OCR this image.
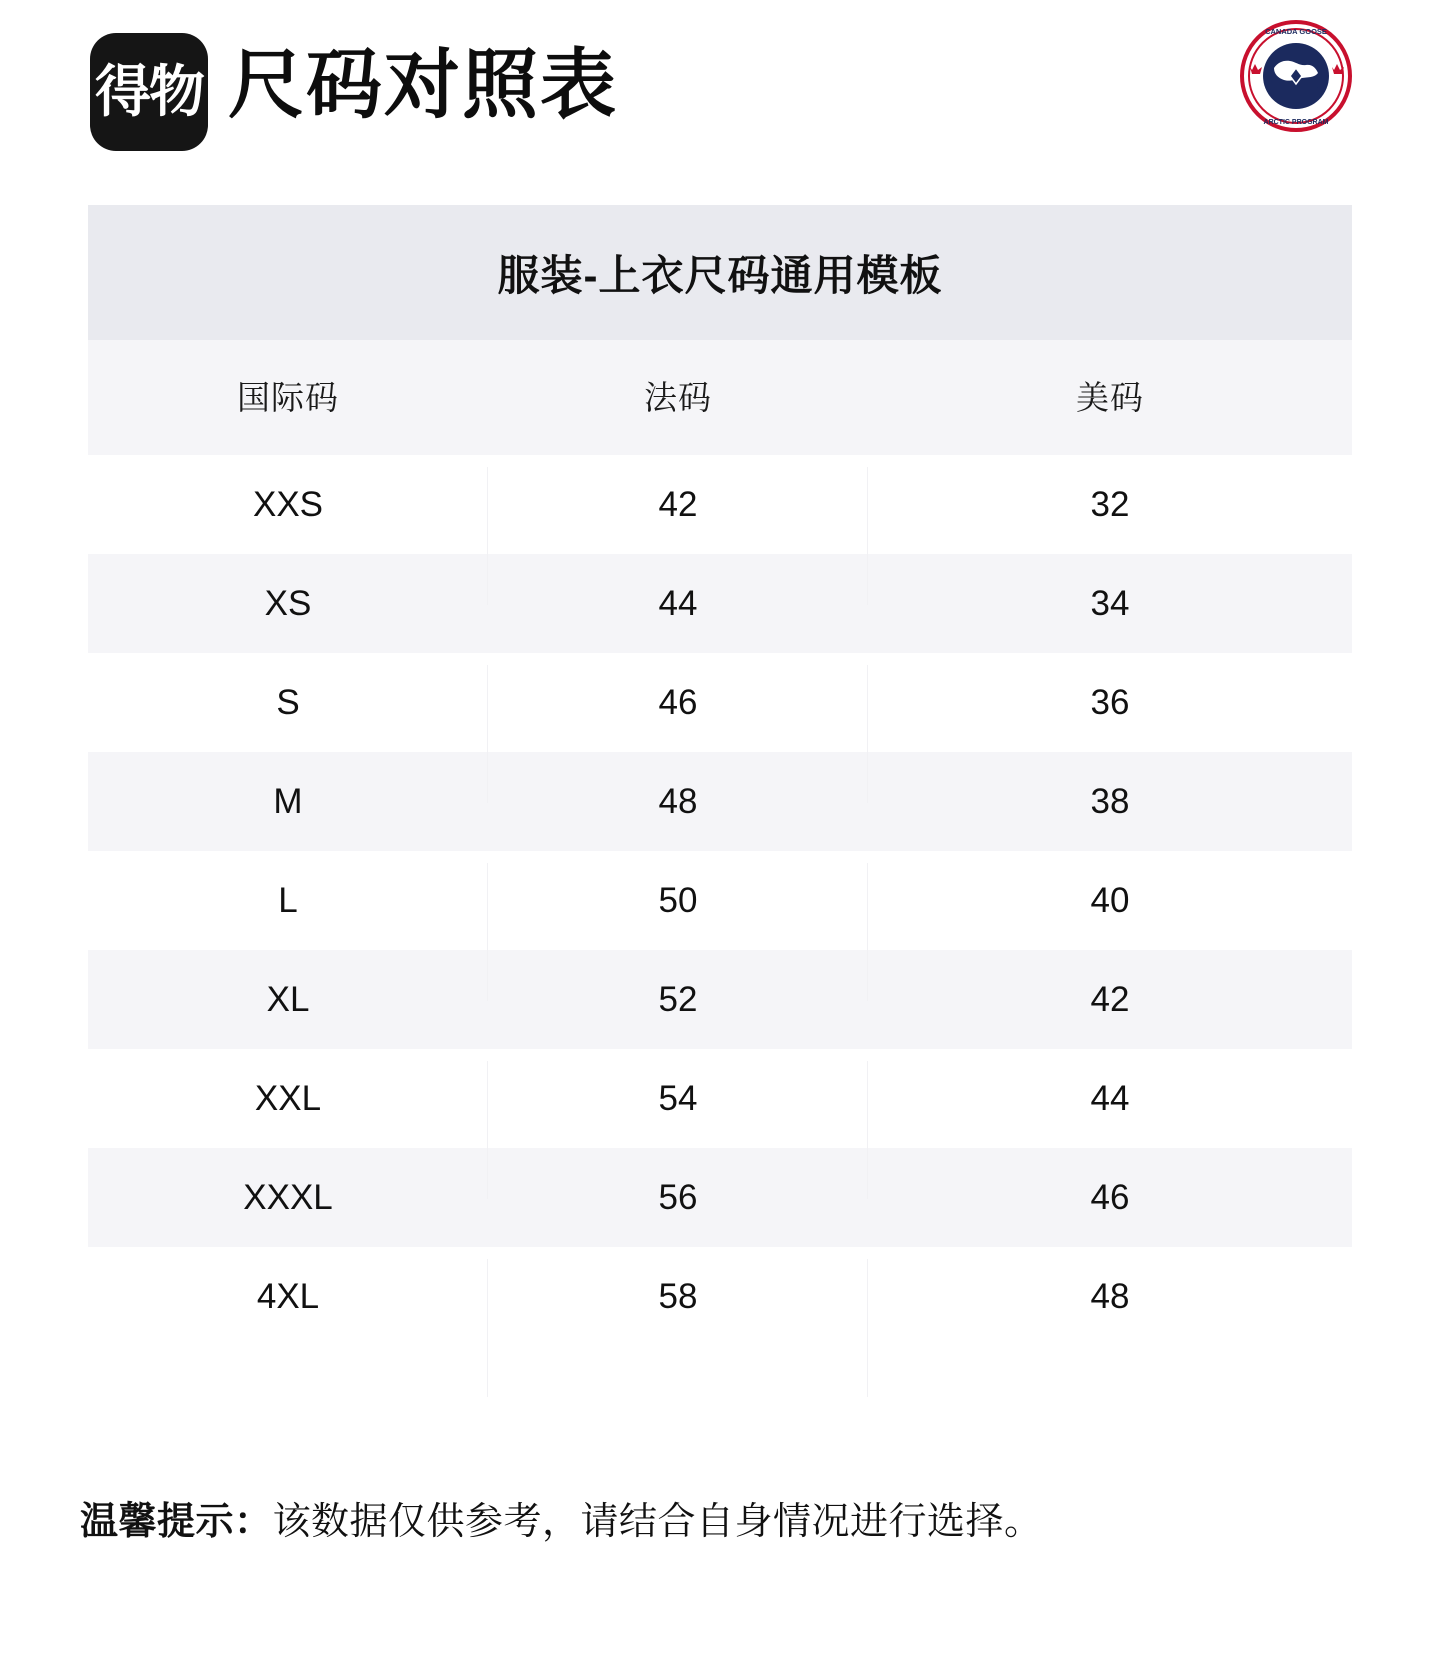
得物 尺码对照表
CANADA GOOSE
ARCTIC PROGRAM
服装-上衣尺码通用模板
国际码	法码	美码
XXS	42	32
XS	44	34
S	46	36
M	48	38
L	50	40
XL	52	42
XXL	54	44
XXXL	56	46
4XL	58	48
温馨提示：该数据仅供参考，请结合自身情况进行选择。
